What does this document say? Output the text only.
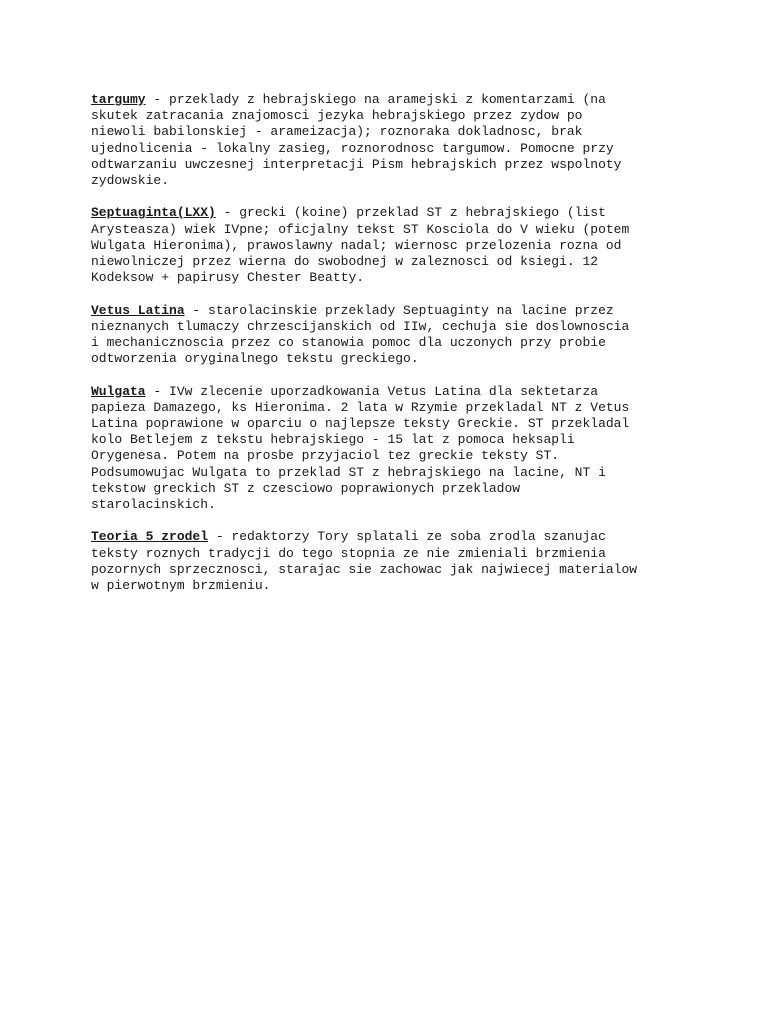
targumy - przeklady z hebrajskiego na aramejski z komentarzami (na
skutek zatracania znajomosci jezyka hebrajskiego przez zydow po
niewoli babilonskiej - arameizacja); roznoraka dokladnosc, brak
ujednolicenia - lokalny zasieg, roznorodnosc targumow. Pomocne przy
odtwarzaniu uwczesnej interpretacji Pism hebrajskich przez wspolnoty
zydowskie.
Septuaginta(LXX) - grecki (koine) przeklad ST z hebrajskiego (list
Arysteasza) wiek IVpne; oficjalny tekst ST Kosciola do V wieku (potem
Wulgata Hieronima), prawoslawny nadal; wiernosc przelozenia rozna od
niewolniczej przez wierna do swobodnej w zaleznosci od ksiegi. 12
Kodeksow + papirusy Chester Beatty.
Vetus Latina - starolacinskie przeklady Septuaginty na lacine przez
nieznanych tlumaczy chrzescijanskich od IIw, cechuja sie doslownoscia
i mechanicznoscia przez co stanowia pomoc dla uczonych przy probie
odtworzenia oryginalnego tekstu greckiego.
Wulgata - IVw zlecenie uporzadkowania Vetus Latina dla sektetarza
papieza Damazego, ks Hieronima. 2 lata w Rzymie przekladal NT z Vetus
Latina poprawione w oparciu o najlepsze teksty Greckie. ST przekladal
kolo Betlejem z tekstu hebrajskiego - 15 lat z pomoca heksapli
Orygenesa. Potem na prosbe przyjaciol tez greckie teksty ST.
Podsumowujac Wulgata to przeklad ST z hebrajskiego na lacine, NT i
tekstow greckich ST z czesciowo poprawionych przekladow
starolacinskich.
Teoria 5 zrodel - redaktorzy Tory splatali ze soba zrodla szanujac
teksty roznych tradycji do tego stopnia ze nie zmieniali brzmienia
pozornych sprzecznosci, starajac sie zachowac jak najwiecej materialow
w pierwotnym brzmieniu.
